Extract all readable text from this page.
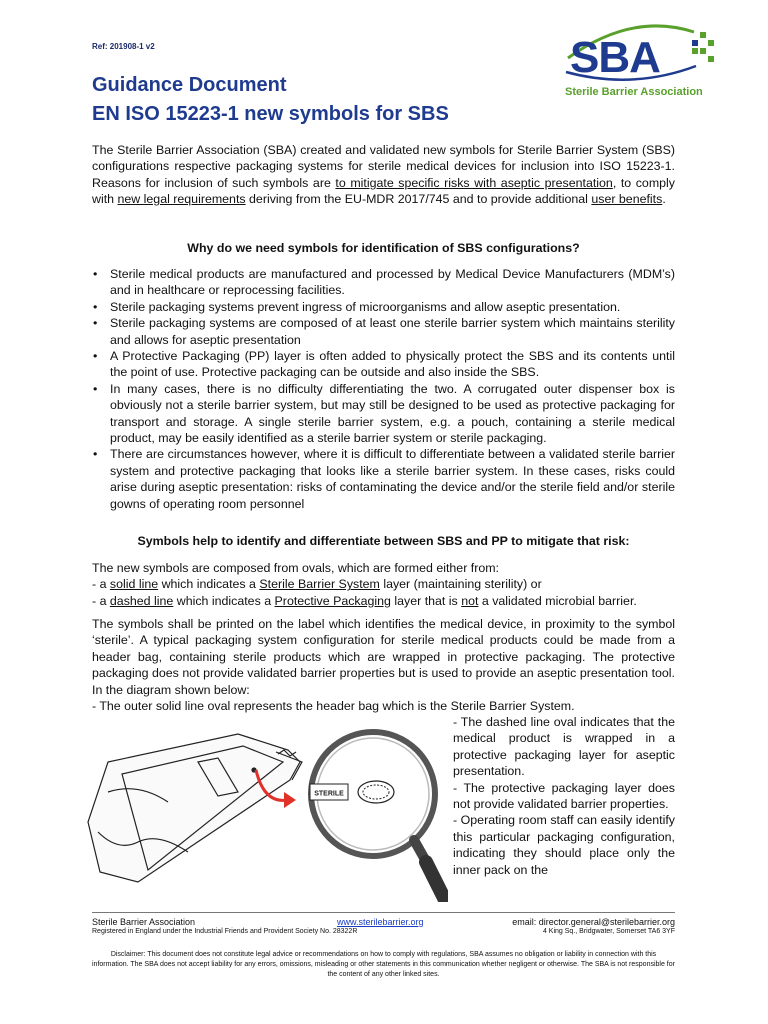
Ref: 201908-1 v2	SBA
Sterile Barrier Association
Guidance Document
EN ISO 15223-1 new symbols for SBS
The Sterile Barrier Association (SBA) created and validated new symbols for Sterile Barrier System (SBS) configurations respective packaging systems for sterile medical devices for inclusion into ISO 15223-1. Reasons for inclusion of such symbols are to mitigate specific risks with aseptic presentation, to comply with new legal requirements deriving from the EU-MDR 2017/745 and to provide additional user benefits.
Why do we need symbols for identification of SBS configurations?
• Sterile medical products are manufactured and processed by Medical Device Manufacturers (MDM’s) and in healthcare or reprocessing facilities.
• Sterile packaging systems prevent ingress of microorganisms and allow aseptic presentation.
• Sterile packaging systems are composed of at least one sterile barrier system which maintains sterility and allows for aseptic presentation
• A Protective Packaging (PP) layer is often added to physically protect the SBS and its contents until the point of use. Protective packaging can be outside and also inside the SBS.
• In many cases, there is no difficulty differentiating the two. A corrugated outer dispenser box is obviously not a sterile barrier system, but may still be designed to be used as protective packaging for transport and storage. A single sterile barrier system, e.g. a pouch, containing a sterile medical product, may be easily identified as a sterile barrier system or sterile packaging.
• There are circumstances however, where it is difficult to differentiate between a validated sterile barrier system and protective packaging that looks like a sterile barrier system. In these cases, risks could arise during aseptic presentation: risks of contaminating the device and/or the sterile field and/or sterile gowns of operating room personnel
Symbols help to identify and differentiate between SBS and PP to mitigate that risk:
The new symbols are composed from ovals, which are formed either from:
- a solid line which indicates a Sterile Barrier System layer (maintaining sterility) or
- a dashed line which indicates a Protective Packaging layer that is not a validated microbial barrier.
The symbols shall be printed on the label which identifies the medical device, in proximity to the symbol ‘sterile’. A typical packaging system configuration for sterile medical products could be made from a header bag, containing sterile products which are wrapped in protective packaging. The protective packaging does not provide validated barrier properties but is used to provide an aseptic presentation tool. In the diagram shown below:
- The outer solid line oval represents the header bag which is the Sterile Barrier System.
- The dashed line oval indicates that the medical product is wrapped in a protective packaging layer for aseptic presentation.
- The protective packaging layer does not provide validated barrier properties.
- Operating room staff can easily identify this particular packaging configuration, indicating they should place only the inner pack on the
STERILE
Sterile Barrier Association	www.sterilebarrier.org	email: director.general@sterilebarrier.org
Registered in England under the Industrial Friends and Provident Society No. 28322R	4 King Sq., Bridgwater, Somerset TA6 3YF
Disclaimer: This document does not constitute legal advice or recommendations on how to comply with regulations, SBA assumes no obligation or liability in connection with this information. The SBA does not accept liability for any errors, omissions, misleading or other statements in this communication whether negligent or otherwise. The SBA is not responsible for the content of any other linked sites.
